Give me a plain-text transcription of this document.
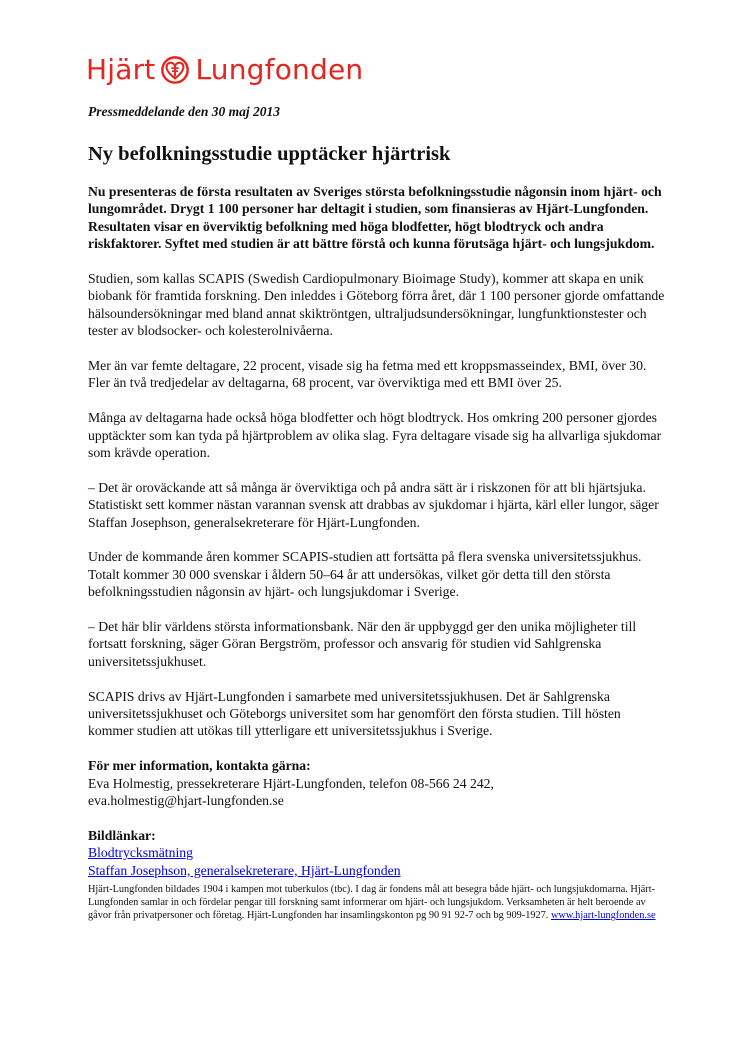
Hjärt Lungfonden
Pressmeddelande den 30 maj 2013
Ny befolkningsstudie upptäcker hjärtrisk

Nu presenteras de första resultaten av Sveriges största befolkningsstudie någonsin inom hjärt- och lungområdet. Drygt 1 100 personer har deltagit i studien, som finansieras av Hjärt-Lungfonden. Resultaten visar en överviktig befolkning med höga blodfetter, högt blodtryck och andra riskfaktorer. Syftet med studien är att bättre förstå och kunna förutsäga hjärt- och lungsjukdom.

Studien, som kallas SCAPIS (Swedish Cardiopulmonary Bioimage Study), kommer att skapa en unik biobank för framtida forskning. Den inleddes i Göteborg förra året, där 1 100 personer gjorde omfattande hälsoundersökningar med bland annat skiktröntgen, ultraljudsundersökningar, lungfunktionstester och tester av blodsocker- och kolesterolnivåerna.

Mer än var femte deltagare, 22 procent, visade sig ha fetma med ett kroppsmasseindex, BMI, över 30. Fler än två tredjedelar av deltagarna, 68 procent, var överviktiga med ett BMI över 25.

Många av deltagarna hade också höga blodfetter och högt blodtryck. Hos omkring 200 personer gjordes upptäckter som kan tyda på hjärtproblem av olika slag. Fyra deltagare visade sig ha allvarliga sjukdomar som krävde operation.

– Det är oroväckande att så många är överviktiga och på andra sätt är i riskzonen för att bli hjärtsjuka. Statistiskt sett kommer nästan varannan svensk att drabbas av sjukdomar i hjärta, kärl eller lungor, säger Staffan Josephson, generalsekreterare för Hjärt-Lungfonden.

Under de kommande åren kommer SCAPIS-studien att fortsätta på flera svenska universitetssjukhus. Totalt kommer 30 000 svenskar i åldern 50–64 år att undersökas, vilket gör detta till den största befolkningsstudien någonsin av hjärt- och lungsjukdomar i Sverige.

– Det här blir världens största informationsbank. När den är uppbyggd ger den unika möjligheter till fortsatt forskning, säger Göran Bergström, professor och ansvarig för studien vid Sahlgrenska universitetssjukhuset.

SCAPIS drivs av Hjärt-Lungfonden i samarbete med universitetssjukhusen. Det är Sahlgrenska universitetssjukhuset och Göteborgs universitet som har genomfört den första studien. Till hösten kommer studien att utökas till ytterligare ett universitetssjukhus i Sverige.

För mer information, kontakta gärna:
Eva Holmestig, pressekreterare Hjärt-Lungfonden, telefon 08-566 24 242,
eva.holmestig@hjart-lungfonden.se

Bildlänkar:
Blodtrycksmätning
Staffan Josephson, generalsekreterare, Hjärt-Lungfonden

Hjärt-Lungfonden bildades 1904 i kampen mot tuberkulos (tbc). I dag är fondens mål att besegra både hjärt- och lungsjukdomarna. Hjärt-Lungfonden samlar in och fördelar pengar till forskning samt informerar om hjärt- och lungsjukdom. Verksamheten är helt beroende av gåvor från privatpersoner och företag. Hjärt-Lungfonden har insamlingskonton pg 90 91 92-7 och bg 909-1927. www.hjart-lungfonden.se
